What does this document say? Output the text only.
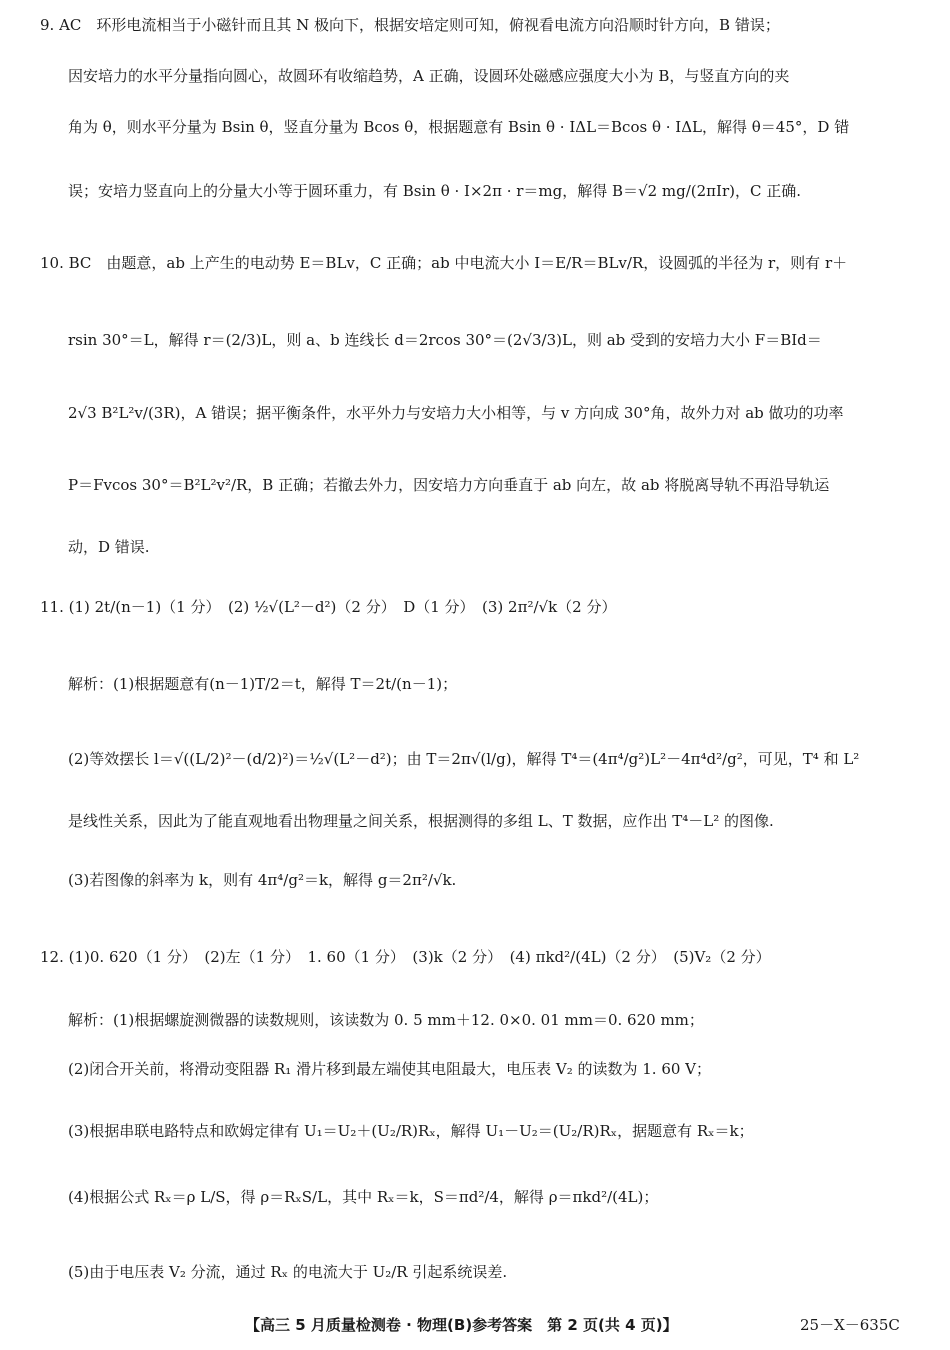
9. AC　环形电流相当于小磁针而且其 N 极向下，根据安培定则可知，俯视看电流方向沿顺时针方向，B 错误；
因安培力的水平分量指向圆心，故圆环有收缩趋势，A 正确，设圆环处磁感应强度大小为 B，与竖直方向的夹
角为 θ，则水平分量为 Bsin θ，竖直分量为 Bcos θ，根据题意有 Bsin θ · IΔL＝Bcos θ · IΔL，解得 θ＝45°，D 错
误；安培力竖直向上的分量大小等于圆环重力，有 Bsin θ · I×2π · r＝mg，解得 B＝√2 mg/(2πIr)，C 正确.
10. BC　由题意，ab 上产生的电动势 E＝BLv，C 正确；ab 中电流大小 I＝E/R＝BLv/R，设圆弧的半径为 r，则有 r＋
rsin 30°＝L，解得 r＝(2/3)L，则 a、b 连线长 d＝2rcos 30°＝(2√3/3)L，则 ab 受到的安培力大小 F＝BId＝
2√3 B²L²v/(3R)，A 错误；据平衡条件，水平外力与安培力大小相等，与 v 方向成 30°角，故外力对 ab 做功的功率
P＝Fvcos 30°＝B²L²v²/R，B 正确；若撤去外力，因安培力方向垂直于 ab 向左，故 ab 将脱离导轨不再沿导轨运
动，D 错误.
11. (1) 2t/(n－1)（1 分）　(2) ½√(L²－d²)（2 分）　D（1 分）　(3) 2π²/√k（2 分）
解析：(1)根据题意有(n－1)T/2＝t，解得 T＝2t/(n－1)；
(2)等效摆长 l＝√((L/2)²－(d/2)²)＝½√(L²－d²)；由 T＝2π√(l/g)，解得 T⁴＝(4π⁴/g²)L²－4π⁴d²/g²，可见，T⁴ 和 L²
是线性关系，因此为了能直观地看出物理量之间关系，根据测得的多组 L、T 数据，应作出 T⁴－L² 的图像.
(3)若图像的斜率为 k，则有 4π⁴/g²＝k，解得 g＝2π²/√k.
12. (1)0. 620（1 分）　(2)左（1 分）　1. 60（1 分）　(3)k（2 分）　(4) πkd²/(4L)（2 分）　(5)V₂（2 分）
解析：(1)根据螺旋测微器的读数规则，该读数为 0. 5 mm＋12. 0×0. 01 mm＝0. 620 mm；
(2)闭合开关前，将滑动变阻器 R₁ 滑片移到最左端使其电阻最大，电压表 V₂ 的读数为 1. 60 V；
(3)根据串联电路特点和欧姆定律有 U₁＝U₂＋(U₂/R)Rₓ，解得 U₁－U₂＝(U₂/R)Rₓ，据题意有 Rₓ＝k；
(4)根据公式 Rₓ＝ρ L/S，得 ρ＝RₓS/L，其中 Rₓ＝k，S＝πd²/4，解得 ρ＝πkd²/(4L)；
(5)由于电压表 V₂ 分流，通过 Rₓ 的电流大于 U₂/R 引起系统误差.
【高三 5 月质量检测卷 · 物理(B)参考答案　第 2 页(共 4 页)】	25－X－635C
